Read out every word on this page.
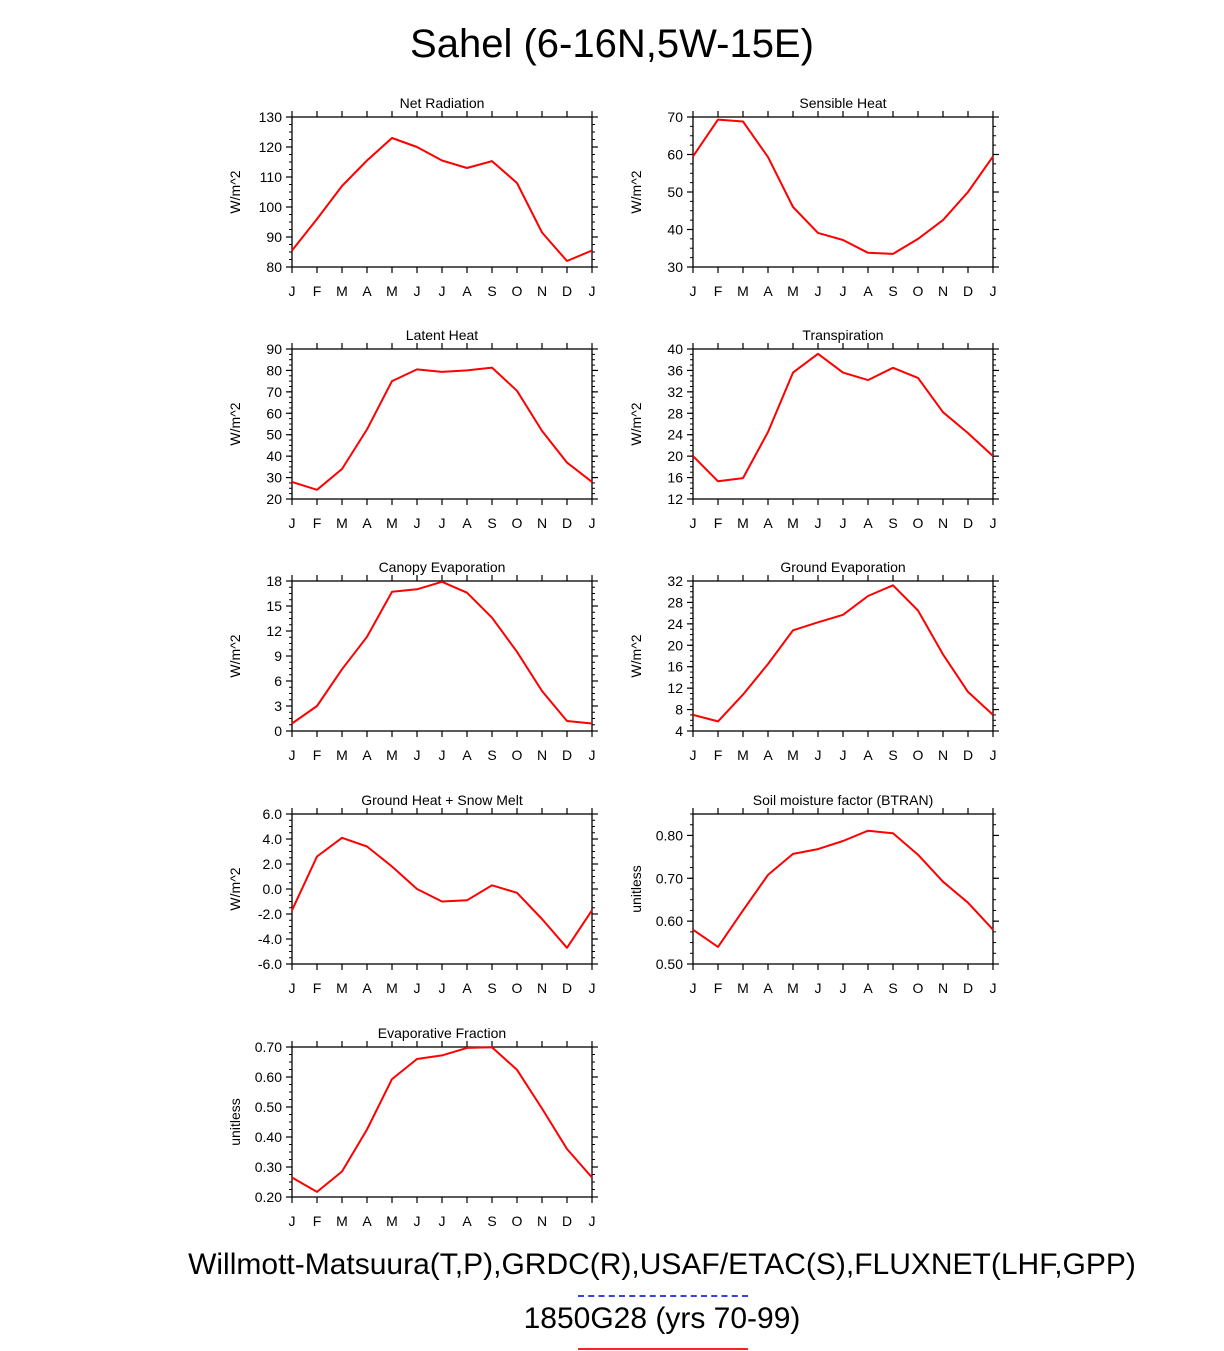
Sahel (6-16N,5W-15E)
Net Radiation
W/m^2
80
90
100
110
120
130
J F M A M J J A S O N D J
Sensible Heat
W/m^2
30
40
50
60
70
J F M A M J J A S O N D J
Latent Heat
W/m^2
20
30
40
50
60
70
80
90
J F M A M J J A S O N D J
Transpiration
W/m^2
12
16
20
24
28
32
36
40
J F M A M J J A S O N D J
Canopy Evaporation
W/m^2
0
3
6
9
12
15
18
J F M A M J J A S O N D J
Ground Evaporation
W/m^2
4
8
12
16
20
24
28
32
J F M A M J J A S O N D J
Ground Heat + Snow Melt
W/m^2
-6.0
-4.0
-2.0
0.0
2.0
4.0
6.0
J F M A M J J A S O N D J
Soil moisture factor (BTRAN)
unitless
0.50
0.60
0.70
0.80
J F M A M J J A S O N D J
Evaporative Fraction
unitless
0.20
0.30
0.40
0.50
0.60
0.70
J F M A M J J A S O N D J
Willmott-Matsuura(T,P),GRDC(R),USAF/ETAC(S),FLUXNET(LHF,GPP)
1850G28 (yrs 70-99)
